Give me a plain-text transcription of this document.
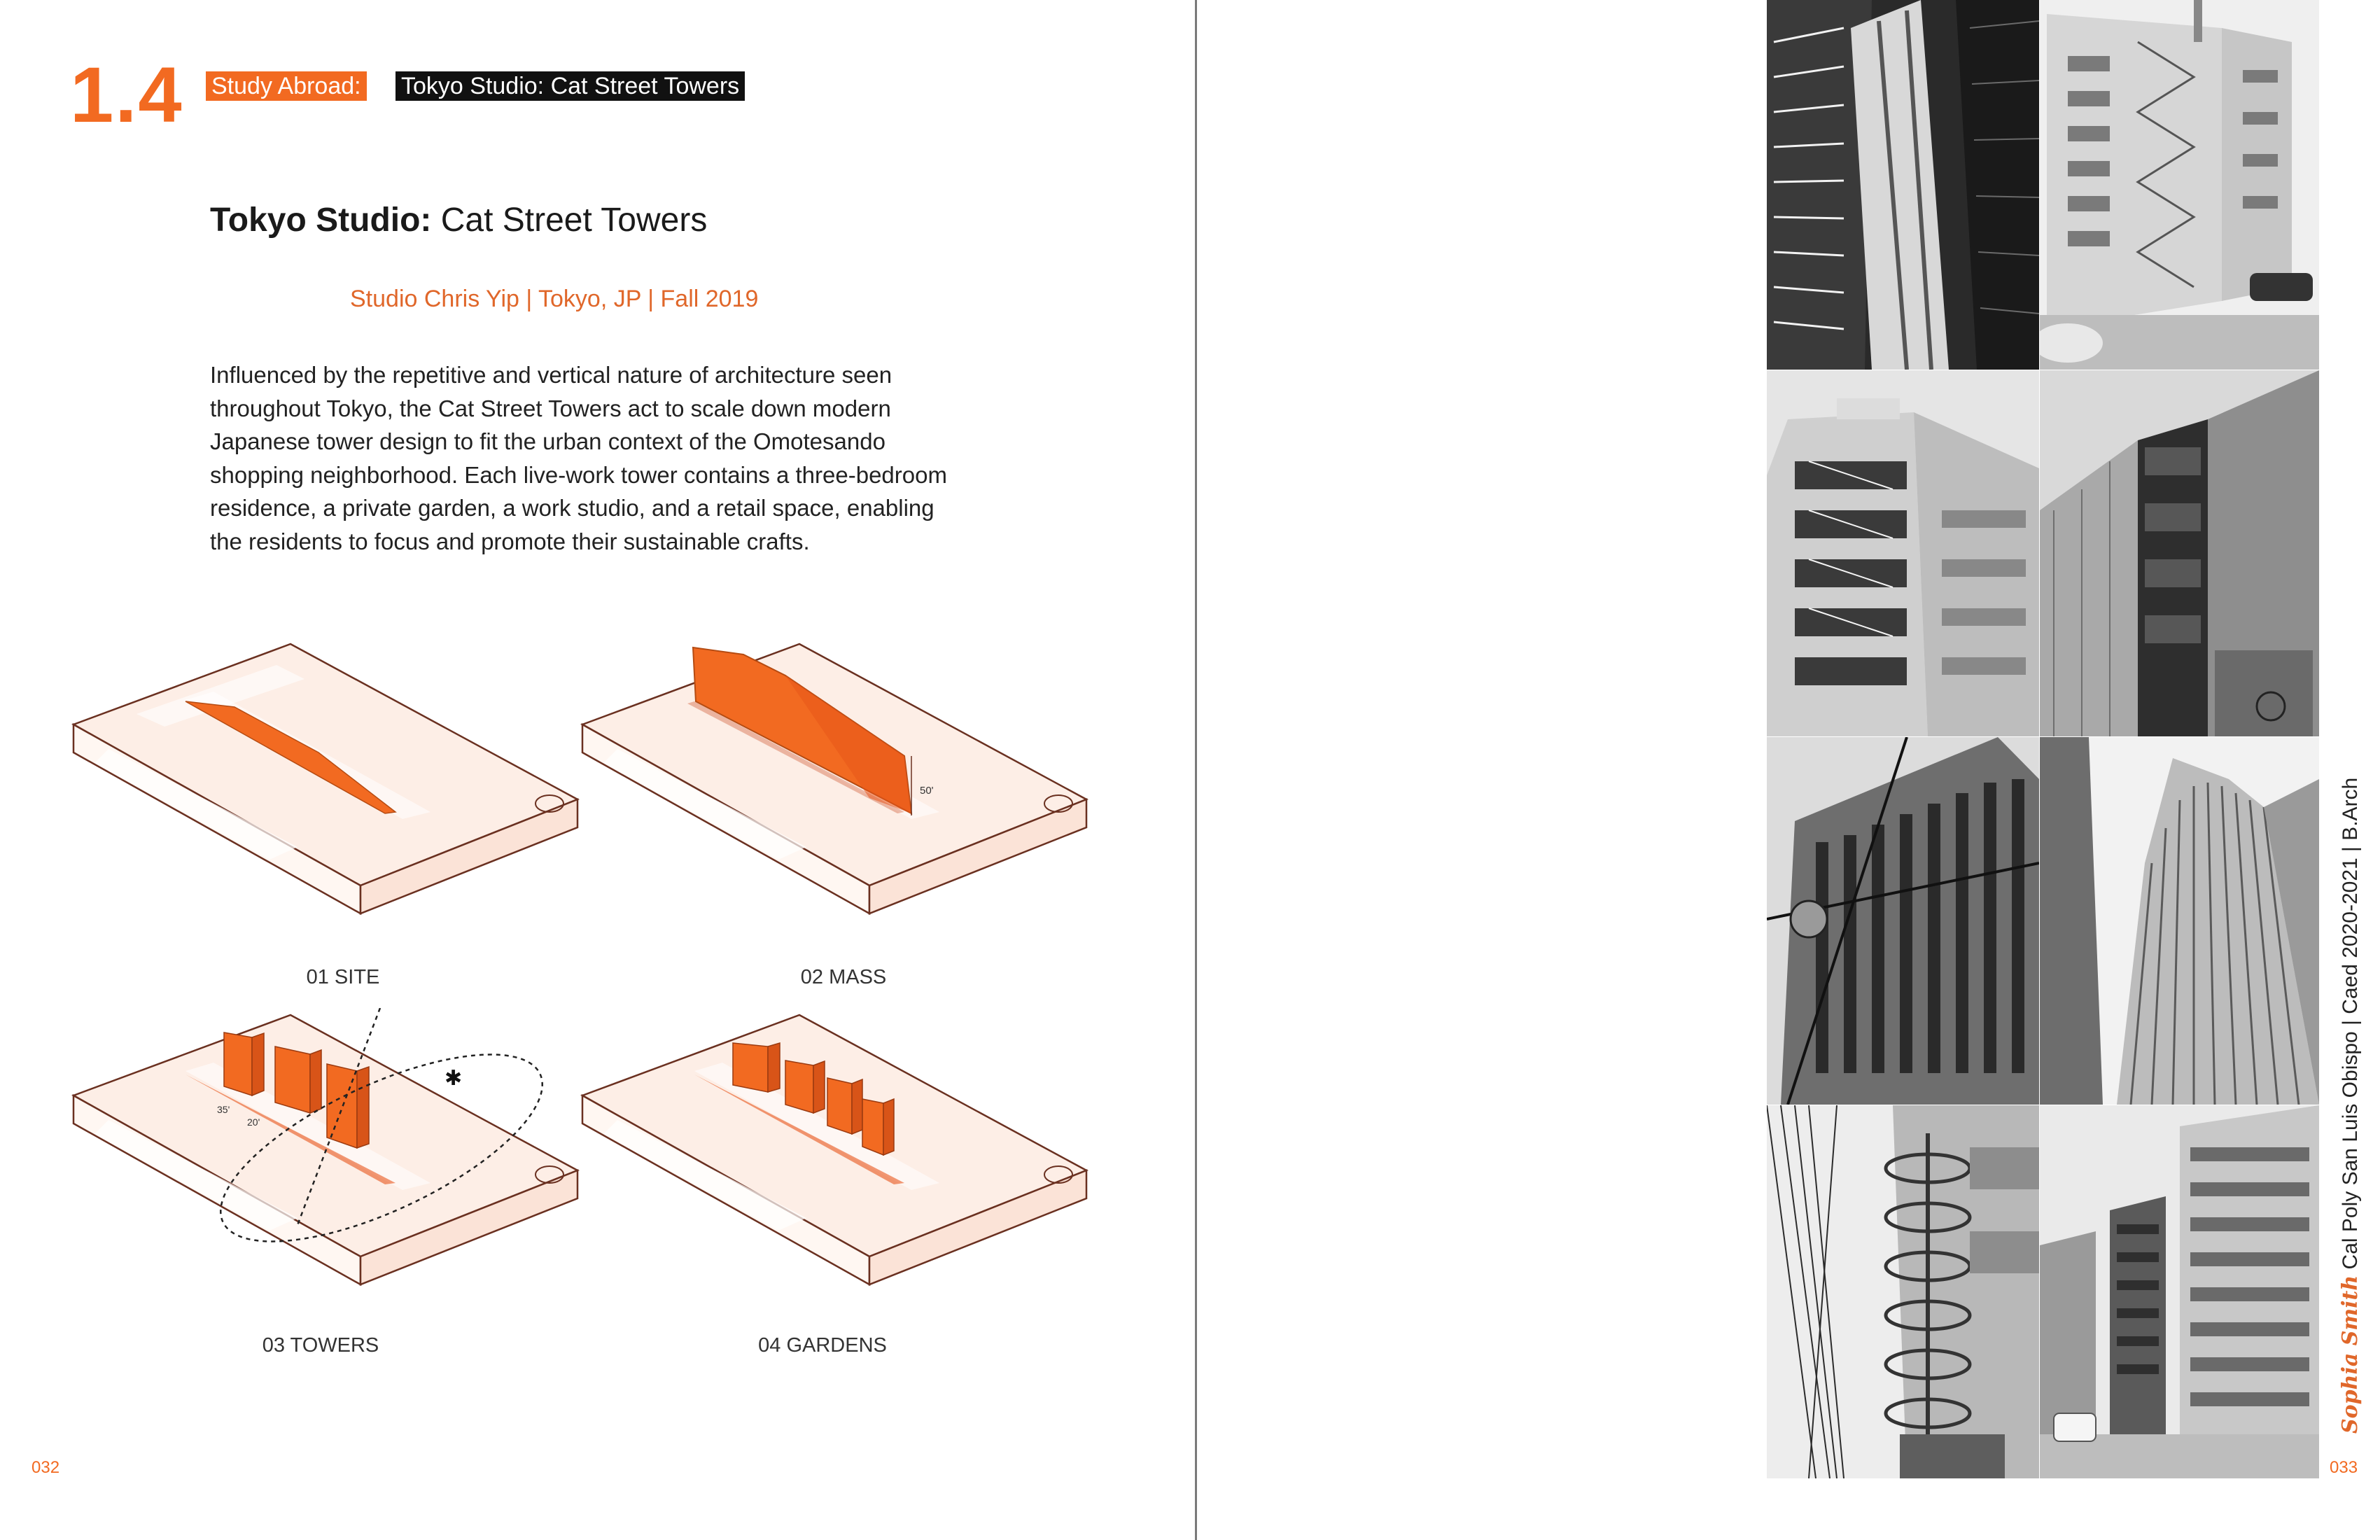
1.4 Study Abroad: Tokyo Studio: Cat Street Towers
Tokyo Studio: Cat Street Towers
Studio Chris Yip | Tokyo, JP | Fall 2019
Influenced by the repetitive and vertical nature of architecture seen throughout Tokyo, the Cat Street Towers act to scale down modern Japanese tower design to fit the urban context of the Omotesando shopping neighborhood. Each live-work tower contains a three-bedroom residence, a private garden, a work studio, and a retail space, enabling the residents to focus and promote their sustainable crafts.
01 SITE
50'
02 MASS
✱
35'
20'
03 TOWERS	04 GARDENS
032
Sophia Smith Cal Poly San Luis Obispo | Caed 2020-2021 | B.Arch
033
